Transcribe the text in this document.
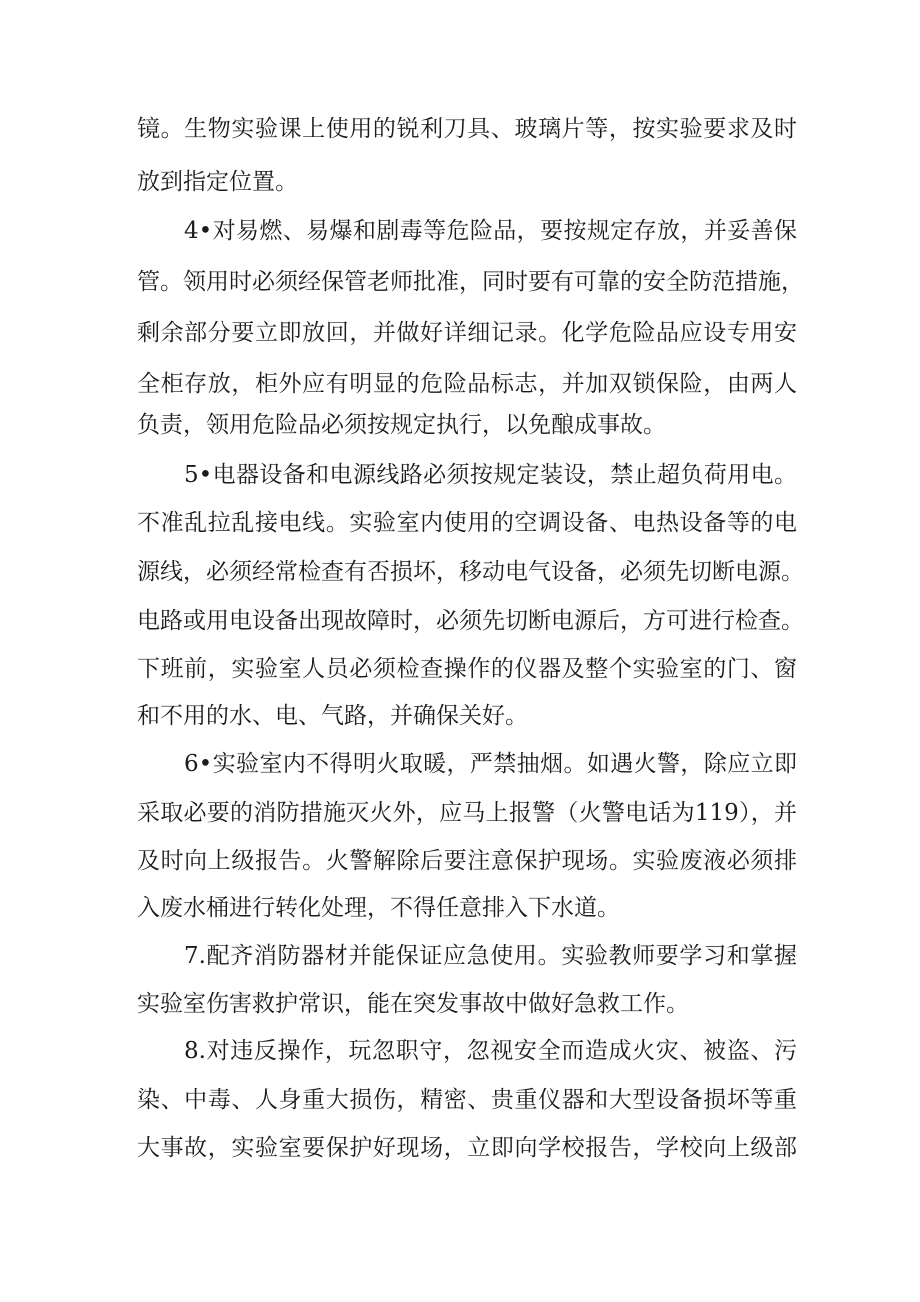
镜。生物实验课上使用的锐利刀具、玻璃片等，按实验要求及时

放到指定位置。

4•对易燃、易爆和剧毒等危险品，要按规定存放，并妥善保

管。领用时必须经保管老师批准，同时要有可靠的安全防范措施，

剩余部分要立即放回，并做好详细记录。化学危险品应设专用安

全柜存放，柜外应有明显的危险品标志，并加双锁保险，由两人

负责，领用危险品必须按规定执行，以免酿成事故。

5•电器设备和电源线路必须按规定装设，禁止超负荷用电。

不准乱拉乱接电线。实验室内使用的空调设备、电热设备等的电

源线，必须经常检查有否损坏，移动电气设备，必须先切断电源。

电路或用电设备出现故障时，必须先切断电源后，方可进行检查。

下班前，实验室人员必须检查操作的仪器及整个实验室的门、窗

和不用的水、电、气路，并确保关好。

6•实验室内不得明火取暖，严禁抽烟。如遇火警，除应立即

采取必要的消防措施灭火外，应马上报警（火警电话为119），并

及时向上级报告。火警解除后要注意保护现场。实验废液必须排

入废水桶进行转化处理，不得任意排入下水道。

7.配齐消防器材并能保证应急使用。实验教师要学习和掌握

实验室伤害救护常识，能在突发事故中做好急救工作。

8.对违反操作，玩忽职守，忽视安全而造成火灾、被盗、污

染、中毒、人身重大损伤，精密、贵重仪器和大型设备损坏等重

大事故，实验室要保护好现场，立即向学校报告，学校向上级部
